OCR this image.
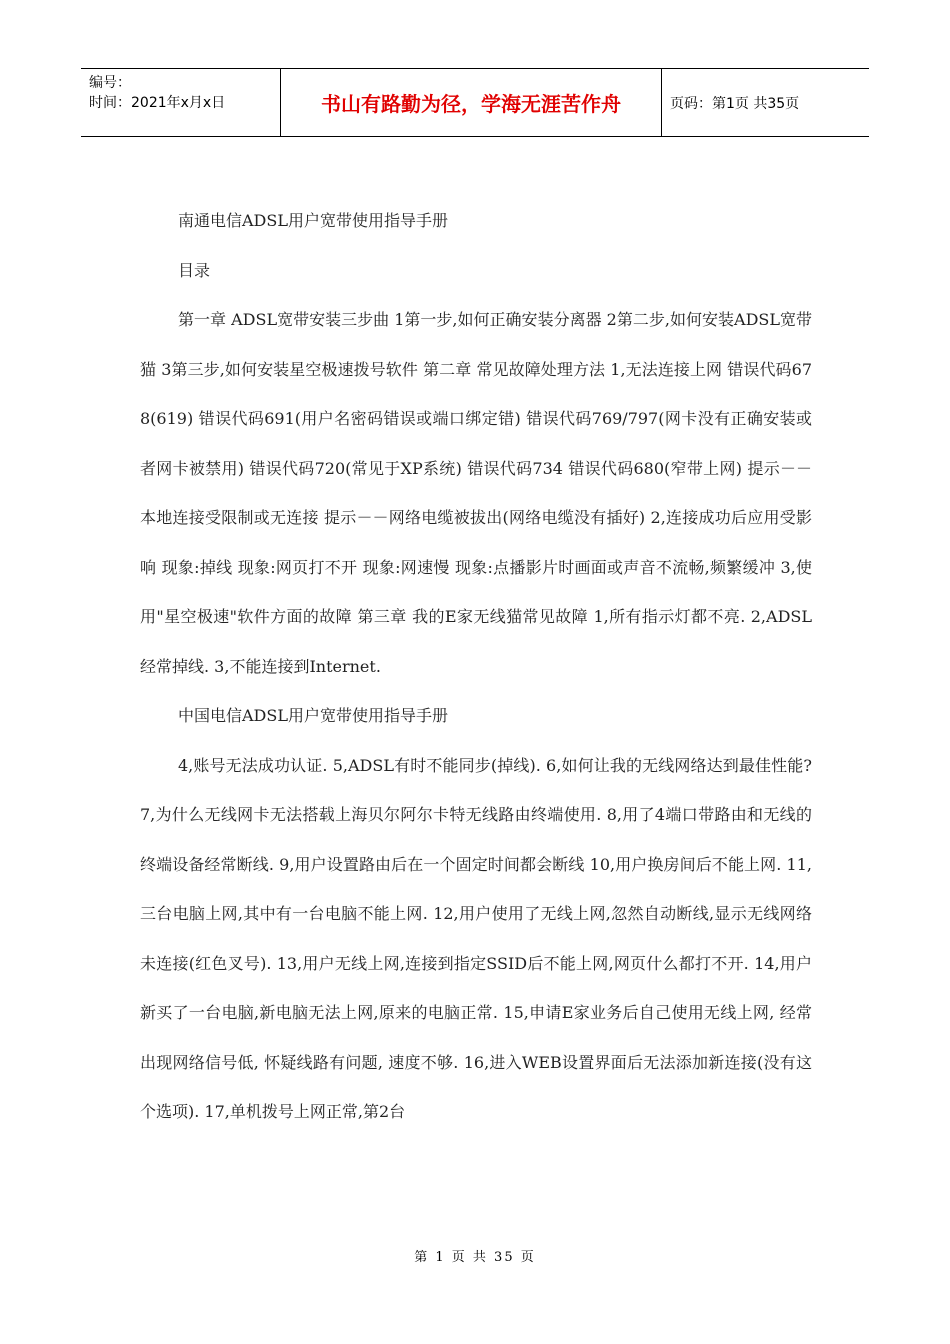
编号：
时间：2021年x月x日	书山有路勤为径，学海无涯苦作舟	页码：第1页 共35页

南通电信ADSL用户宽带使用指导手册

目录

第一章 ADSL宽带安装三步曲 1第一步,如何正确安装分离器 2第二步,如何安装ADSL宽带猫 3第三步,如何安装星空极速拨号软件 第二章 常见故障处理方法 1,无法连接上网 错误代码678(619) 错误代码691(用户名密码错误或端口绑定错) 错误代码769/797(网卡没有正确安装或者网卡被禁用) 错误代码720(常见于XP系统) 错误代码734 错误代码680(窄带上网) 提示－－本地连接受限制或无连接 提示－－网络电缆被拔出(网络电缆没有插好) 2,连接成功后应用受影响 现象:掉线 现象:网页打不开 现象:网速慢 现象:点播影片时画面或声音不流畅,频繁缓冲 3,使用"星空极速"软件方面的故障 第三章 我的E家无线猫常见故障 1,所有指示灯都不亮. 2,ADSL经常掉线. 3,不能连接到Internet.

中国电信ADSL用户宽带使用指导手册

4,账号无法成功认证. 5,ADSL有时不能同步(掉线). 6,如何让我的无线网络达到最佳性能? 7,为什么无线网卡无法搭载上海贝尔阿尔卡特无线路由终端使用. 8,用了4端口带路由和无线的终端设备经常断线. 9,用户设置路由后在一个固定时间都会断线 10,用户换房间后不能上网. 11,三台电脑上网,其中有一台电脑不能上网. 12,用户使用了无线上网,忽然自动断线,显示无线网络未连接(红色叉号). 13,用户无线上网,连接到指定SSID后不能上网,网页什么都打不开. 14,用户新买了一台电脑,新电脑无法上网,原来的电脑正常. 15,申请E家业务后自己使用无线上网, 经常出现网络信号低, 怀疑线路有问题, 速度不够. 16,进入WEB设置界面后无法添加新连接(没有这个选项). 17,单机拨号上网正常,第2台

第 1 页 共 35 页
